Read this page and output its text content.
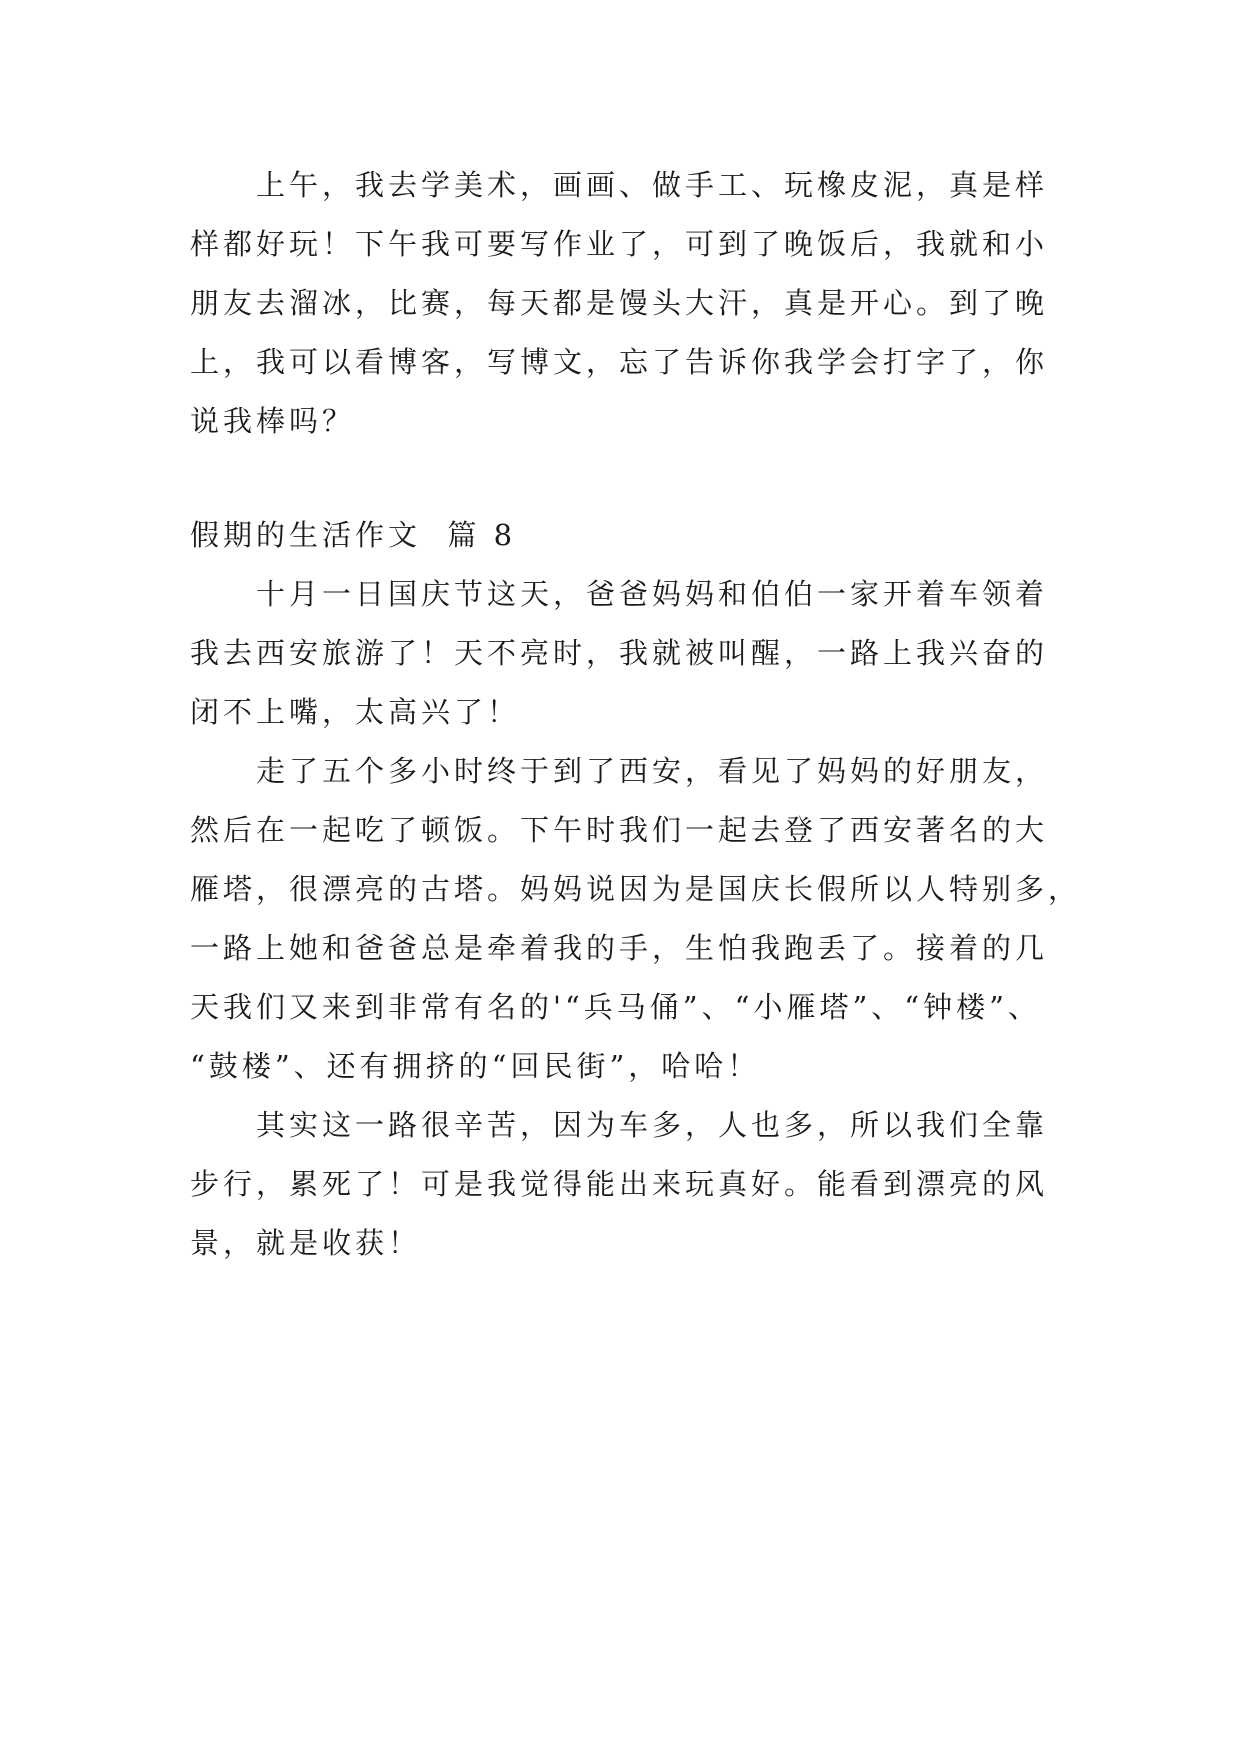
上午，我去学美术，画画、做手工、玩橡皮泥，真是样
样都好玩！下午我可要写作业了，可到了晚饭后，我就和小
朋友去溜冰，比赛，每天都是馒头大汗，真是开心。到了晚
上，我可以看博客，写博文，忘了告诉你我学会打字了，你
说我棒吗？
假期的生活作文  篇 8
十月一日国庆节这天，爸爸妈妈和伯伯一家开着车领着
我去西安旅游了！天不亮时，我就被叫醒，一路上我兴奋的
闭不上嘴，太高兴了！
走了五个多小时终于到了西安，看见了妈妈的好朋友，
然后在一起吃了顿饭。下午时我们一起去登了西安著名的大
雁塔，很漂亮的古塔。妈妈说因为是国庆长假所以人特别多，
一路上她和爸爸总是牵着我的手，生怕我跑丢了。接着的几
天我们又来到非常有名的'“兵马俑”、“小雁塔”、“钟楼”、
“鼓楼”、还有拥挤的“回民街”，哈哈！
其实这一路很辛苦，因为车多，人也多，所以我们全靠
步行，累死了！可是我觉得能出来玩真好。能看到漂亮的风
景，就是收获！
